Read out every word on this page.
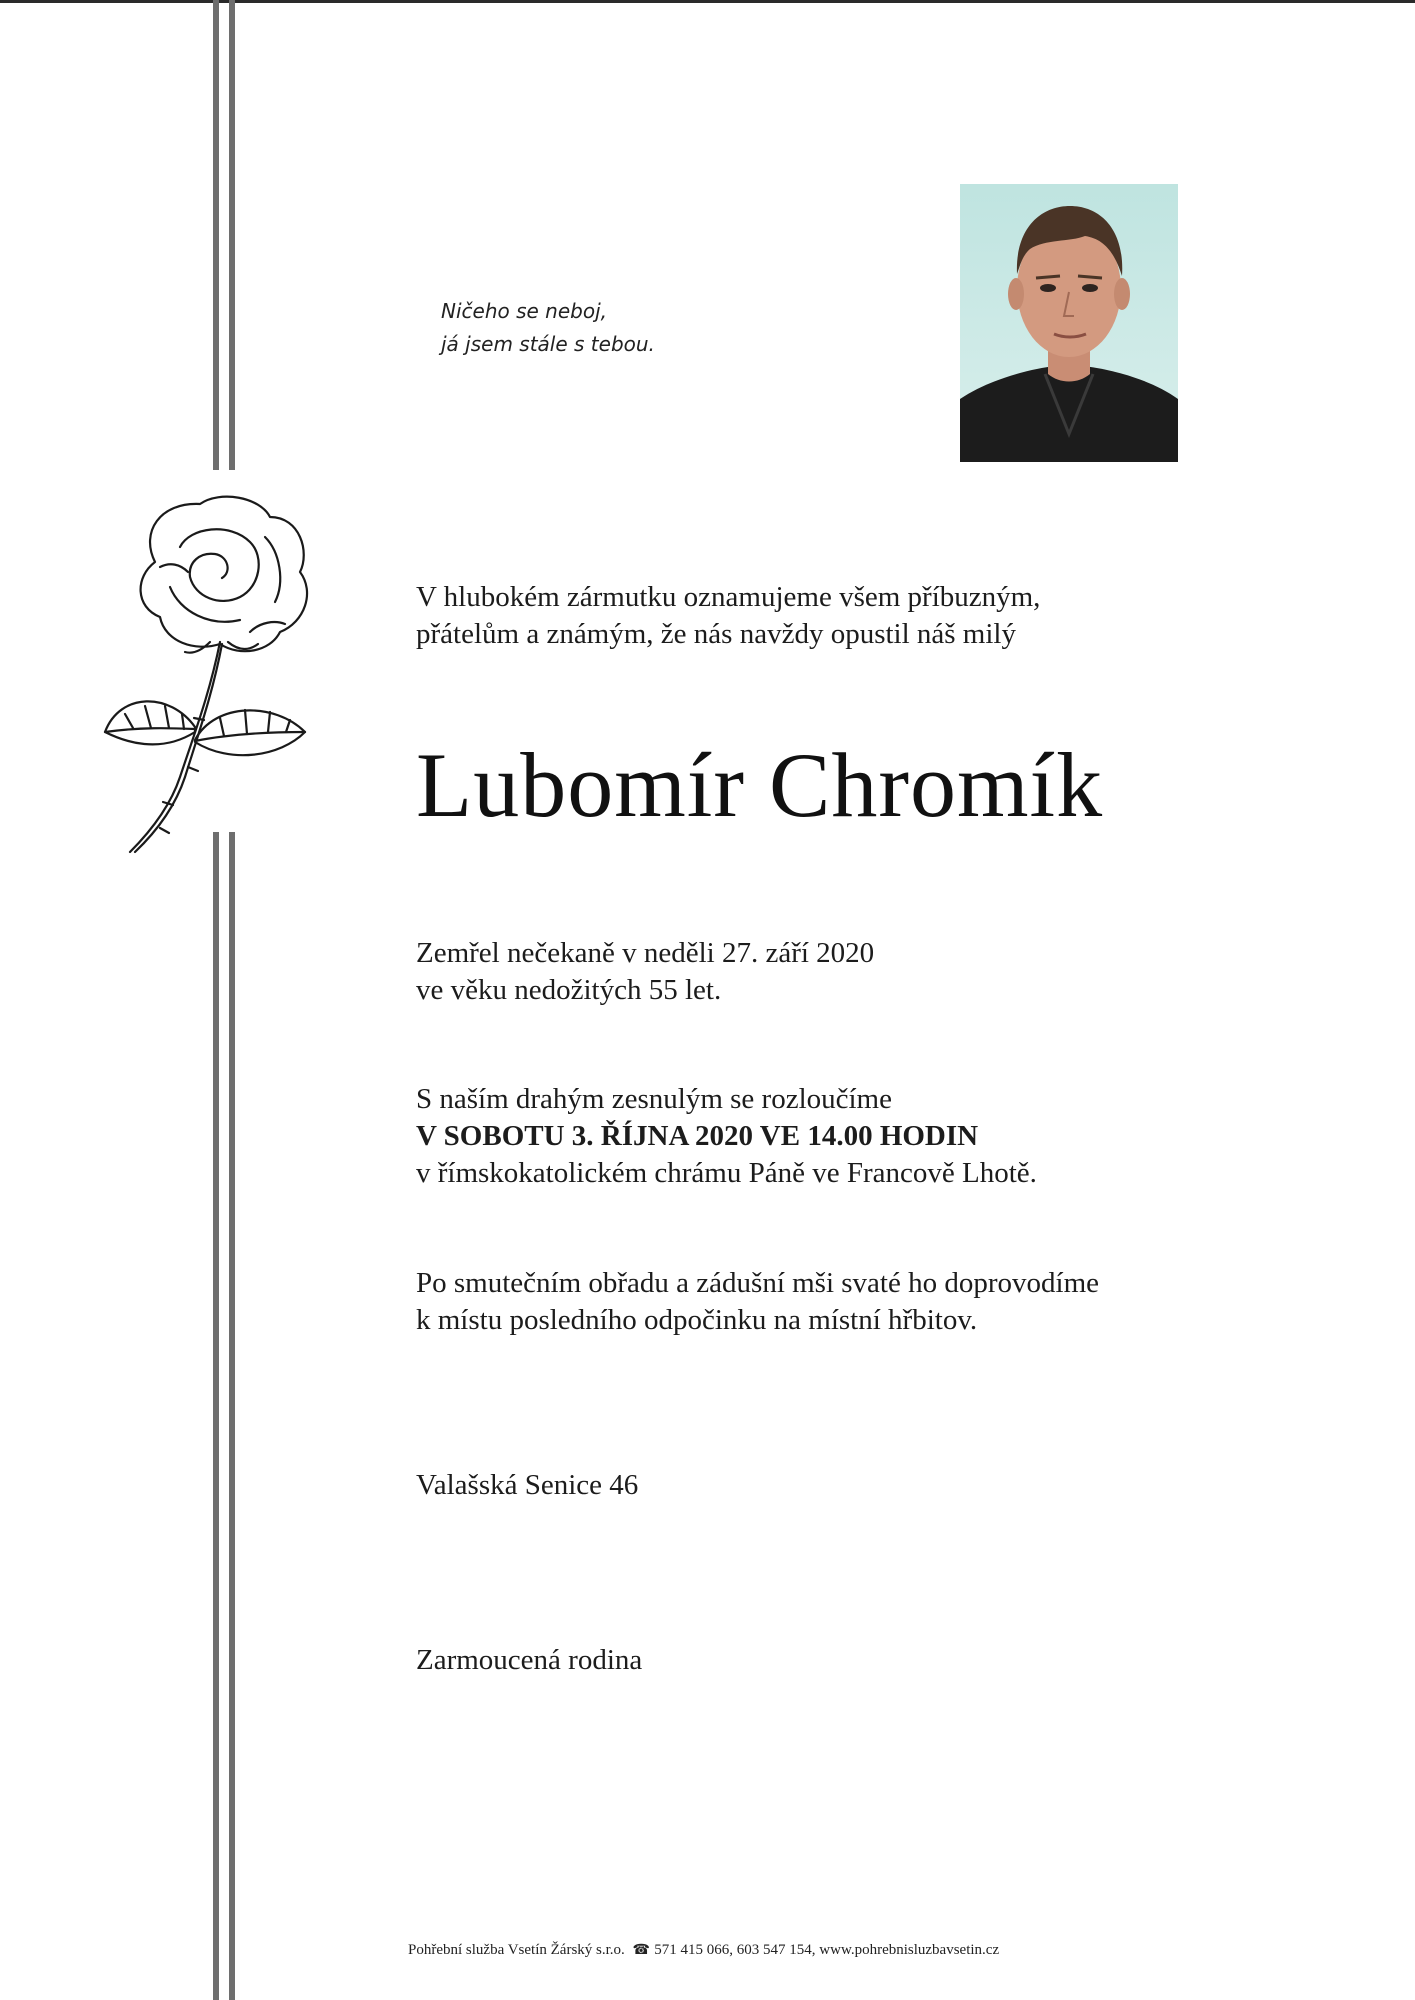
Ničeho se neboj,
já jsem stále s tebou.
V hlubokém zármutku oznamujeme všem příbuzným,
přátelům a známým, že nás navždy opustil náš milý
Lubomír Chromík
Zemřel nečekaně v neděli 27. září 2020
ve věku nedožitých 55 let.
S naším drahým zesnulým se rozloučíme
V SOBOTU 3. ŘÍJNA 2020 VE 14.00 HODIN
v římskokatolickém chrámu Páně ve Francově Lhotě.
Po smutečním obřadu a zádušní mši svaté ho doprovodíme
k místu posledního odpočinku na místní hřbitov.
Valašská Senice 46
Zarmoucená rodina
Pohřební služba Vsetín Žárský s.r.o. ☎ 571 415 066, 603 547 154, www.pohrebnisluzbavsetin.cz
